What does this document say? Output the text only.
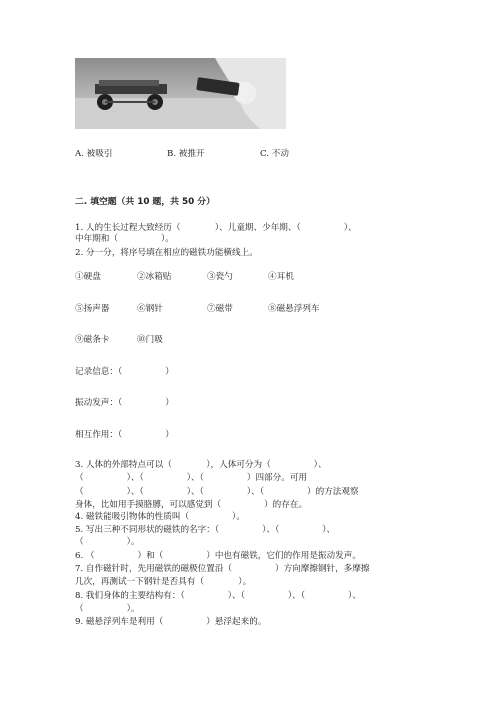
A. 被吸引	B. 被推开	C. 不动
二. 填空题（共 10 题，共 50 分）
1. 人的生长过程大致经历（　　　　）、儿童期、少年期、（　　　　　）、
中年期和（　　　　　）。
2. 分一分，将序号填在相应的磁铁功能横线上。
①硬盘	②冰箱贴	③瓷勺	④耳机
⑤扬声器	⑥钢针	⑦磁带	⑧磁悬浮列车
⑨磁条卡	⑩门吸
记录信息：（　　　　　）
振动发声：（　　　　　）
相互作用：（　　　　　）
3. 人体的外部特点可以（　　　　），人体可分为（　　　　　）、
（　　　　　）、（　　　　　）、（　　　　　）四部分。可用
（　　　　　）、（　　　　　）、（　　　　　）、（　　　　　）的方法观察
身体，比如用手摸胳膊，可以感觉到（　　　　　）的存在。
4. 磁铁能吸引物体的性质叫（　　　　　）。
5. 写出三种不同形状的磁铁的名字：（　　　　　）、（　　　　　）、
（　　　　　）。
6. （　　　　　）和（　　　　　）中也有磁铁，它们的作用是振动发声。
7. 自作磁针时，先用磁铁的磁极位置沿（　　　　　）方向摩擦钢针，多摩擦
几次，再测试一下钢针是否具有（　　　　）。
8. 我们身体的主要结构有：（　　　　　）、（　　　　　）、（　　　　　）、
（　　　　　）。
9. 磁悬浮列车是利用（　　　　　）悬浮起来的。
